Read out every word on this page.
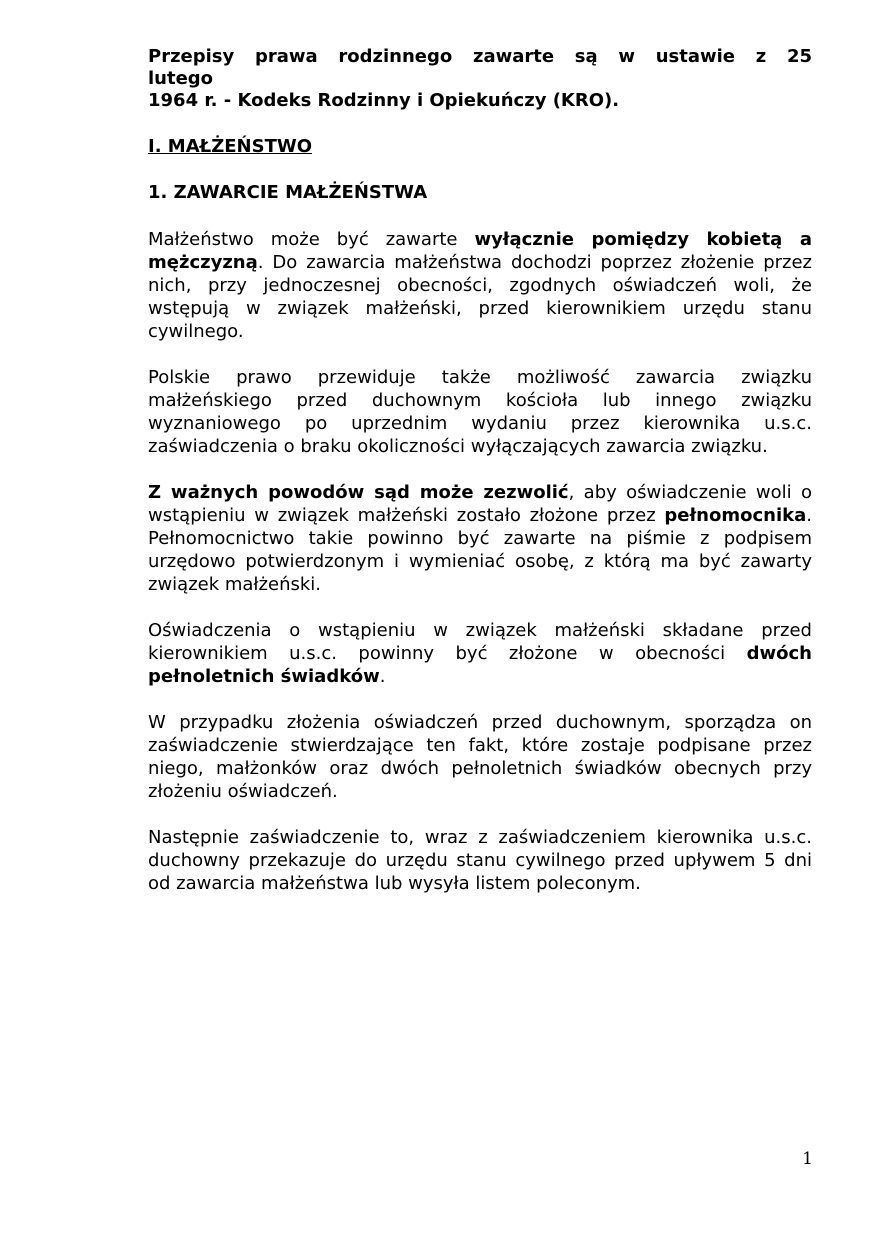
Przepisy prawa rodzinnego zawarte są w ustawie z 25
lutego
1964 r. - Kodeks Rodzinny i Opiekuńczy (KRO).

I. MAŁŻEŃSTWO

1. ZAWARCIE MAŁŻEŃSTWA

Małżeństwo może być zawarte wyłącznie pomiędzy kobietą a mężczyzną. Do zawarcia małżeństwa dochodzi poprzez złożenie przez nich, przy jednoczesnej obecności, zgodnych oświadczeń woli, że wstępują w związek małżeński, przed kierownikiem urzędu stanu cywilnego.

Polskie prawo przewiduje także możliwość zawarcia związku małżeńskiego przed duchownym kościoła lub innego związku wyznaniowego po uprzednim wydaniu przez kierownika u.s.c. zaświadczenia o braku okoliczności wyłączających zawarcia związku.

Z ważnych powodów sąd może zezwolić, aby oświadczenie woli o wstąpieniu w związek małżeński zostało złożone przez pełnomocnika. Pełnomocnictwo takie powinno być zawarte na piśmie z podpisem urzędowo potwierdzonym i wymieniać osobę, z którą ma być zawarty związek małżeński.

Oświadczenia o wstąpieniu w związek małżeński składane przed kierownikiem u.s.c. powinny być złożone w obecności dwóch pełnoletnich świadków.

W przypadku złożenia oświadczeń przed duchownym, sporządza on zaświadczenie stwierdzające ten fakt, które zostaje podpisane przez niego, małżonków oraz dwóch pełnoletnich świadków obecnych przy złożeniu oświadczeń.

Następnie zaświadczenie to, wraz z zaświadczeniem kierownika u.s.c. duchowny przekazuje do urzędu stanu cywilnego przed upływem 5 dni od zawarcia małżeństwa lub wysyła listem poleconym.

1
